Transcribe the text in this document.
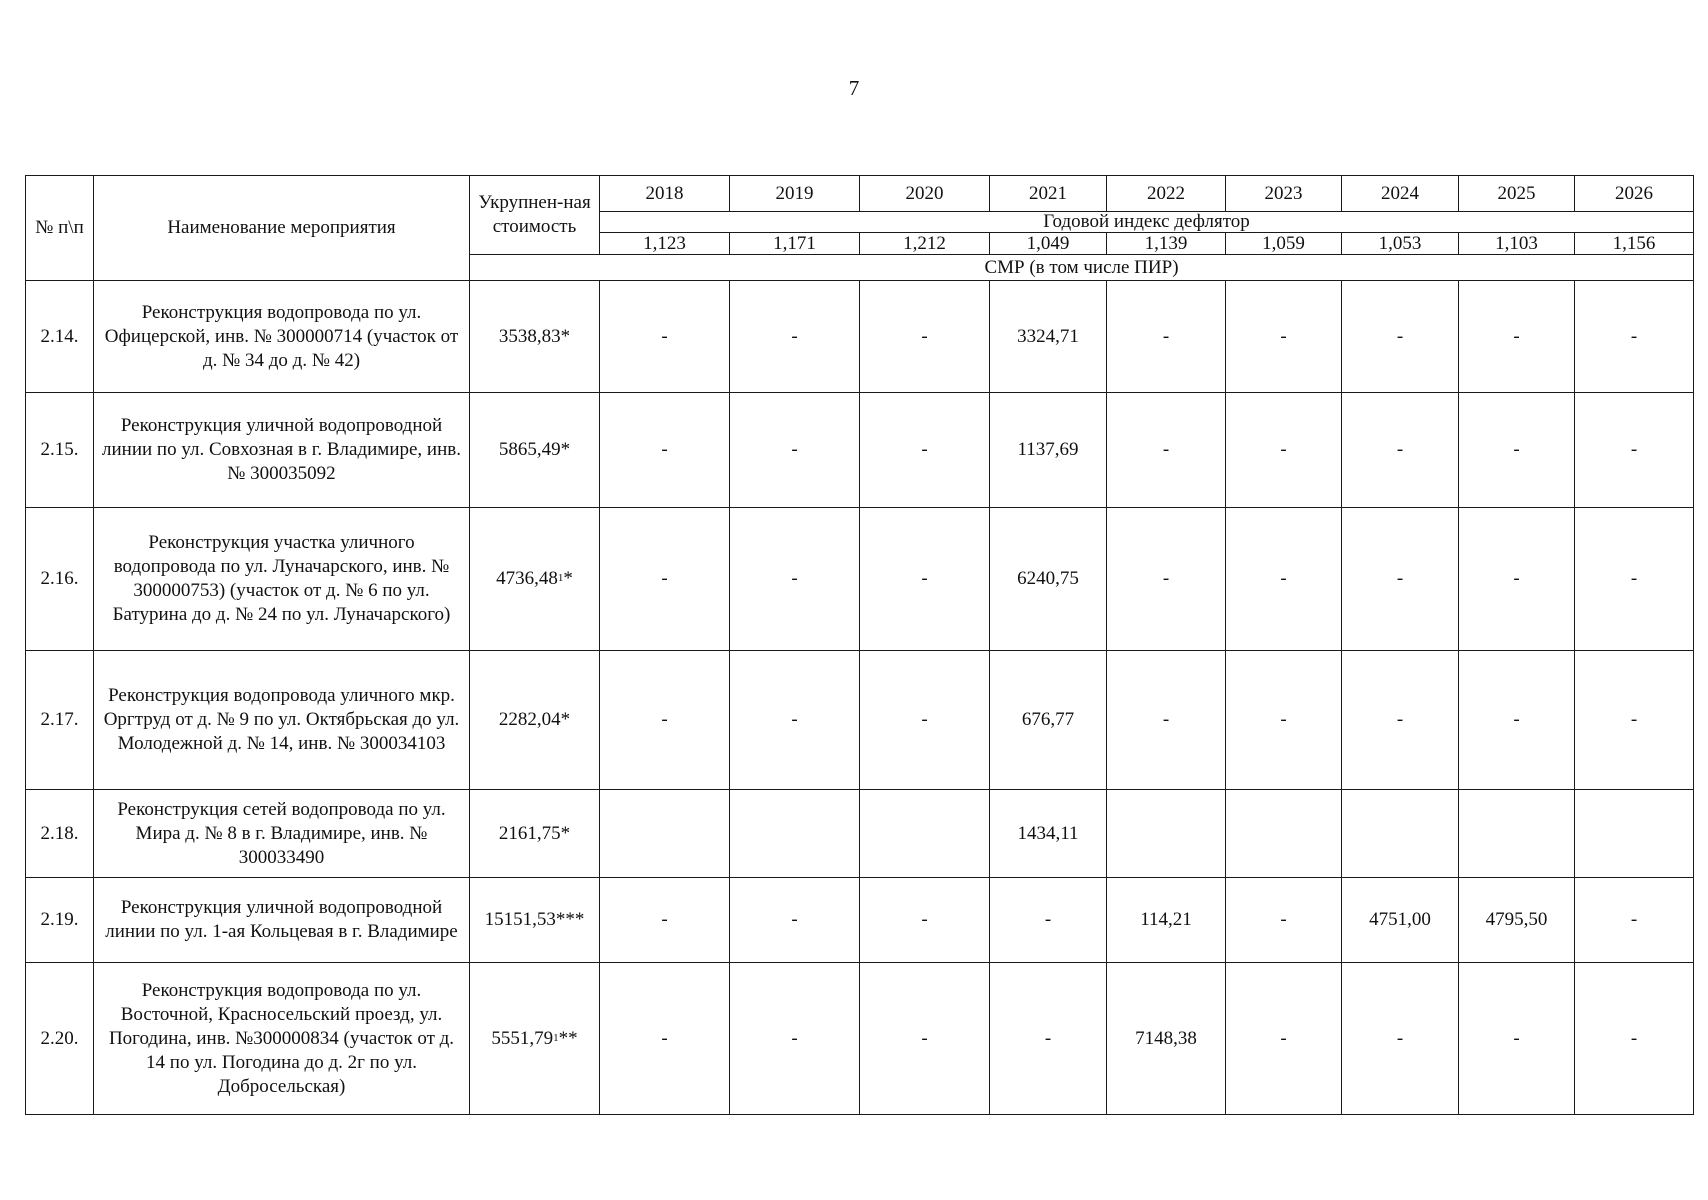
7
№ п\п	Наименование мероприятия	Укрупнен-ная стоимость	2018	2019	2020	2021	2022	2023	2024	2025	2026
			Годовой индекс дефлятор								
			1,123	1,171	1,212	1,049	1,139	1,059	1,053	1,103	1,156
		СМР (в том числе ПИР)									
2.14.	Реконструкция водопровода по ул. Офицерской, инв. № 300000714 (участок от д. № 34 до д. № 42)	3538,83*	-	-	-	3324,71	-	-	-	-	-
2.15.	Реконструкция уличной водопроводной линии по ул. Совхозная в г. Владимире, инв. № 300035092	5865,49*	-	-	-	1137,69	-	-	-	-	-
2.16.	Реконструкция участка уличного водопровода по ул. Луначарского, инв. № 300000753) (участок от д. № 6 по ул. Батурина до д. № 24 по ул. Луначарского)	4736,48$^1$*	-	-	-	6240,75	-	-	-	-	-
2.17.	Реконструкция водопровода уличного мкр. Оргтруд от д. № 9 по ул. Октябрьская до ул. Молодежной д. № 14, инв. № 300034103	2282,04*	-	-	-	676,77	-	-	-	-	-
2.18.	Реконструкция сетей водопровода по ул. Мира д. № 8 в г. Владимире, инв. № 300033490	2161,75*				1434,11					
2.19.	Реконструкция уличной водопроводной линии по ул. 1-ая Кольцевая в г. Владимире	15151,53***	-	-	-	-	114,21	-	4751,00	4795,50	-
2.20.	Реконструкция водопровода по ул. Восточной, Красносельский проезд, ул. Погодина, инв. №300000834 (участок от д. 14 по ул. Погодина до д. 2г по ул. Добросельская)	5551,79$^1$**	-	-	-	-	7148,38	-	-	-	-
